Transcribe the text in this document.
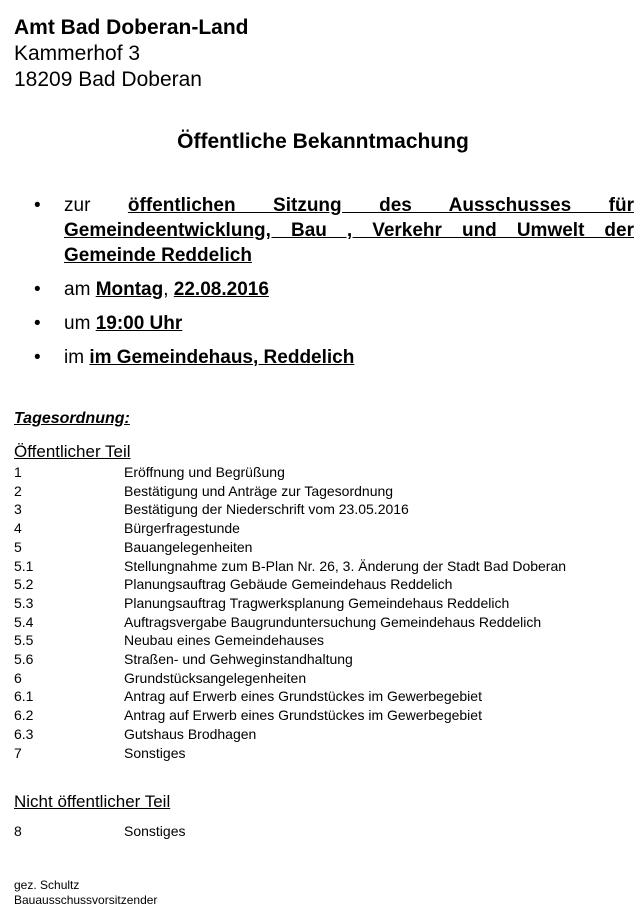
Amt Bad Doberan-Land
Kammerhof 3
18209 Bad Doberan
Öffentliche Bekanntmachung
• zur öffentlichen Sitzung des Ausschusses für Gemeindeentwicklung, Bau , Verkehr und Umwelt der Gemeinde Reddelich
• am Montag, 22.08.2016
• um 19:00 Uhr
• im im Gemeindehaus, Reddelich
Tagesordnung:
Öffentlicher Teil
1	Eröffnung und Begrüßung
2	Bestätigung und Anträge zur Tagesordnung
3	Bestätigung der Niederschrift vom 23.05.2016
4	Bürgerfragestunde
5	Bauangelegenheiten
5.1	Stellungnahme zum B-Plan Nr. 26, 3. Änderung der Stadt Bad Doberan
5.2	Planungsauftrag Gebäude Gemeindehaus Reddelich
5.3	Planungsauftrag Tragwerksplanung Gemeindehaus Reddelich
5.4	Auftragsvergabe Baugrunduntersuchung Gemeindehaus Reddelich
5.5	Neubau eines Gemeindehauses
5.6	Straßen- und Gehweginstandhaltung
6	Grundstücksangelegenheiten
6.1	Antrag auf Erwerb eines Grundstückes im Gewerbegebiet
6.2	Antrag auf Erwerb eines Grundstückes im Gewerbegebiet
6.3	Gutshaus Brodhagen
7	Sonstiges
Nicht öffentlicher Teil
8	Sonstiges
gez. Schultz
Bauausschussvorsitzender
